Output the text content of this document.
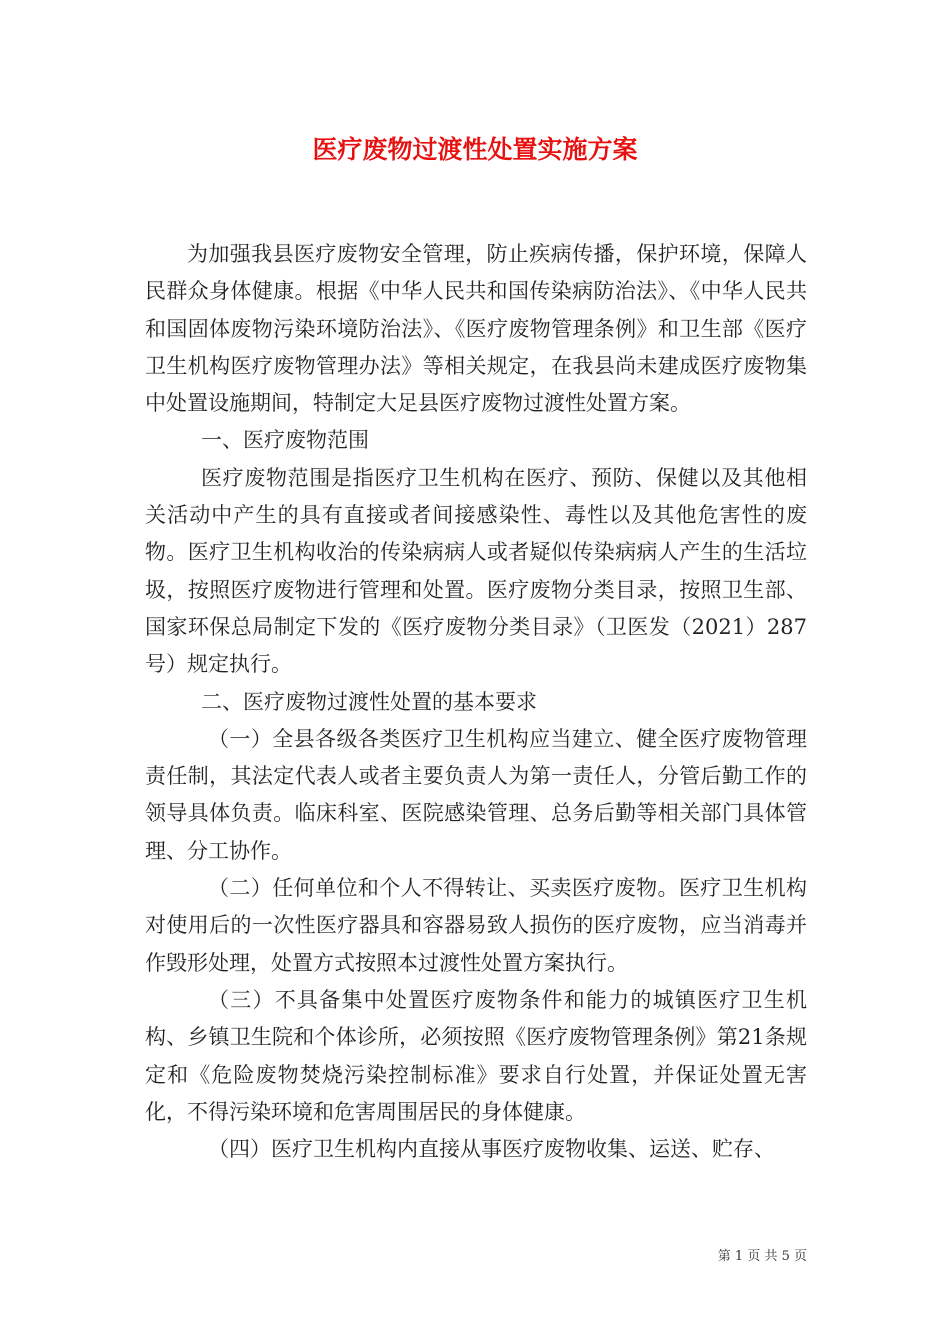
医疗废物过渡性处置实施方案

为加强我县医疗废物安全管理，防止疾病传播，保护环境，保障人民群众身体健康。根据《中华人民共和国传染病防治法》、《中华人民共和国固体废物污染环境防治法》、《医疗废物管理条例》和卫生部《医疗卫生机构医疗废物管理办法》等相关规定，在我县尚未建成医疗废物集中处置设施期间，特制定大足县医疗废物过渡性处置方案。

一、医疗废物范围

医疗废物范围是指医疗卫生机构在医疗、预防、保健以及其他相关活动中产生的具有直接或者间接感染性、毒性以及其他危害性的废物。医疗卫生机构收治的传染病病人或者疑似传染病病人产生的生活垃圾，按照医疗废物进行管理和处置。医疗废物分类目录，按照卫生部、国家环保总局制定下发的《医疗废物分类目录》（卫医发（2021）287号）规定执行。

二、医疗废物过渡性处置的基本要求

（一）全县各级各类医疗卫生机构应当建立、健全医疗废物管理责任制，其法定代表人或者主要负责人为第一责任人，分管后勤工作的领导具体负责。临床科室、医院感染管理、总务后勤等相关部门具体管理、分工协作。

（二）任何单位和个人不得转让、买卖医疗废物。医疗卫生机构对使用后的一次性医疗器具和容器易致人损伤的医疗废物，应当消毒并作毁形处理，处置方式按照本过渡性处置方案执行。

（三）不具备集中处置医疗废物条件和能力的城镇医疗卫生机构、乡镇卫生院和个体诊所，必须按照《医疗废物管理条例》第21条规定和《危险废物焚烧污染控制标准》要求自行处置，并保证处置无害化，不得污染环境和危害周围居民的身体健康。

（四）医疗卫生机构内直接从事医疗废物收集、运送、贮存、

第 1 页 共 5 页
